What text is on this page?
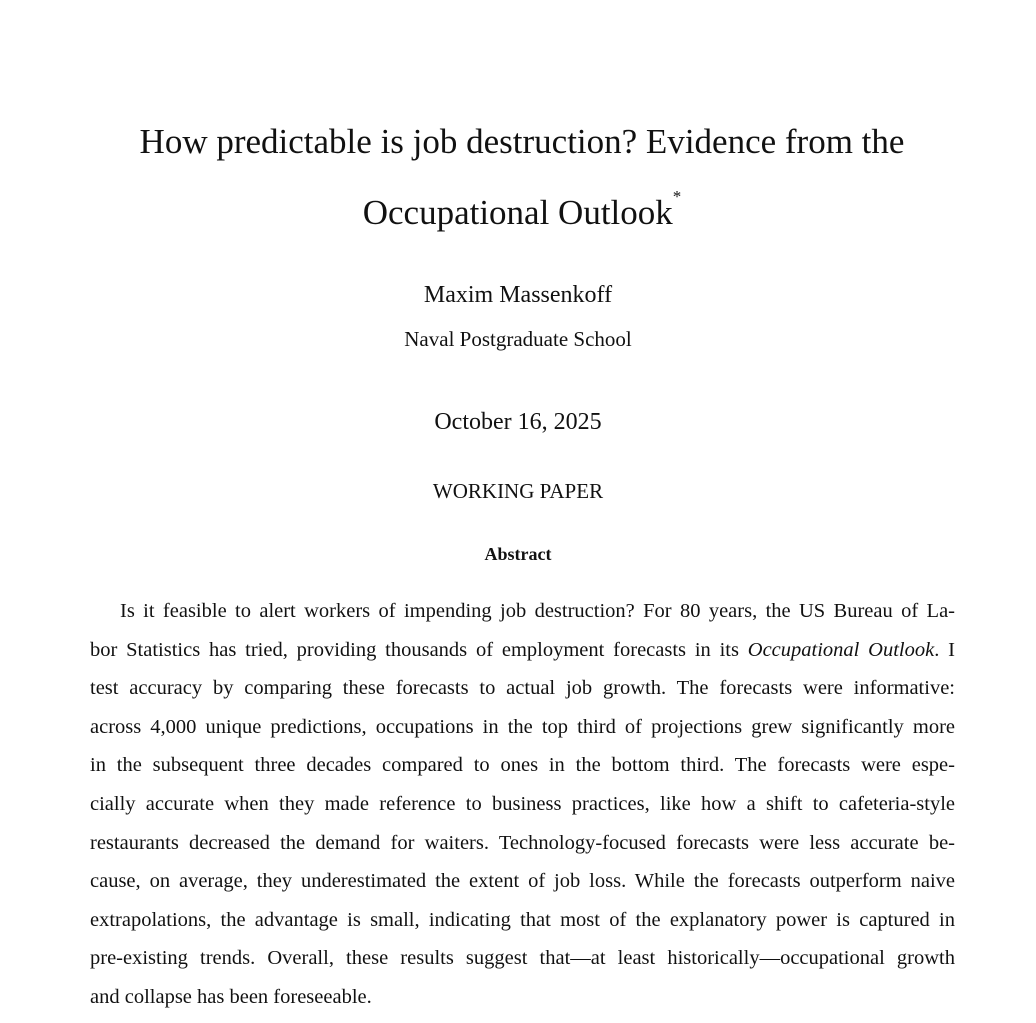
How predictable is job destruction? Evidence from the
Occupational Outlook*
Maxim Massenkoff
Naval Postgraduate School
October 16, 2025
WORKING PAPER
Abstract
Is it feasible to alert workers of impending job destruction? For 80 years, the US Bureau of La-
bor Statistics has tried, providing thousands of employment forecasts in its Occupational Outlook. I
test accuracy by comparing these forecasts to actual job growth. The forecasts were informative:
across 4,000 unique predictions, occupations in the top third of projections grew significantly more
in the subsequent three decades compared to ones in the bottom third. The forecasts were espe-
cially accurate when they made reference to business practices, like how a shift to cafeteria-style
restaurants decreased the demand for waiters. Technology-focused forecasts were less accurate be-
cause, on average, they underestimated the extent of job loss. While the forecasts outperform naive
extrapolations, the advantage is small, indicating that most of the explanatory power is captured in
pre-existing trends. Overall, these results suggest that—at least historically—occupational growth
and collapse has been foreseeable.
